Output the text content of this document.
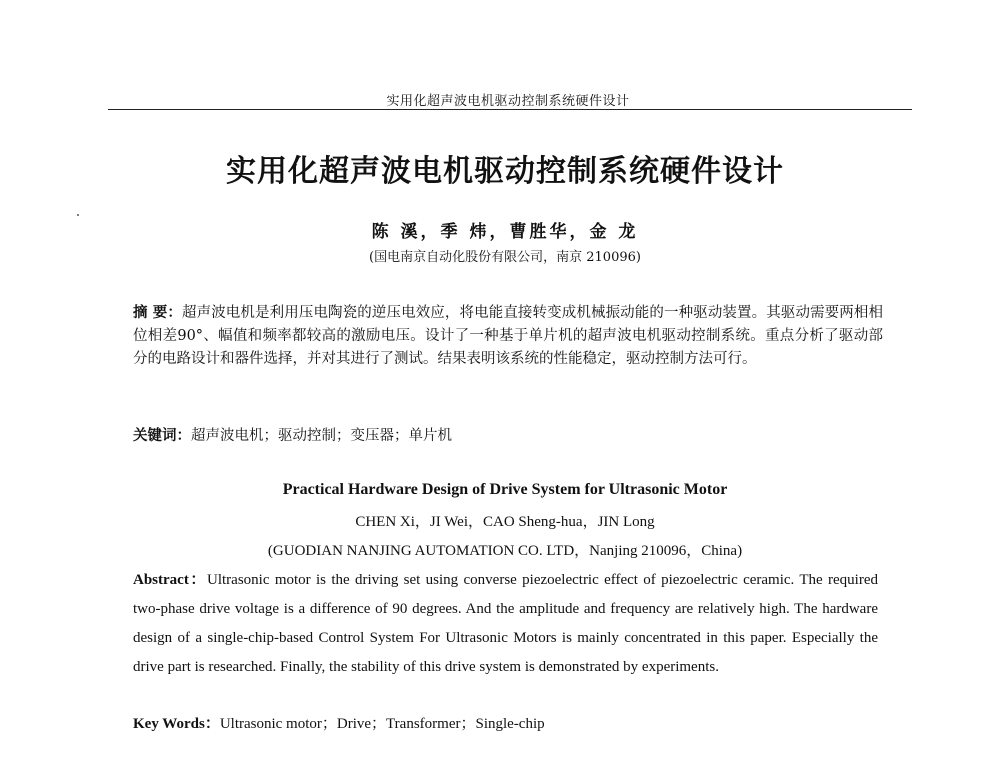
实用化超声波电机驱动控制系统硬件设计
实用化超声波电机驱动控制系统硬件设计
陈 溪，季 炜，曹胜华，金 龙
(国电南京自动化股份有限公司，南京 210096)
摘 要：超声波电机是利用压电陶瓷的逆压电效应，将电能直接转变成机械振动能的一种驱动装置。其驱动需要两相相位相差90°、幅值和频率都较高的激励电压。设计了一种基于单片机的超声波电机驱动控制系统。重点分析了驱动部分的电路设计和器件选择，并对其进行了测试。结果表明该系统的性能稳定，驱动控制方法可行。
关键词：超声波电机；驱动控制；变压器；单片机
Practical Hardware Design of Drive System for Ultrasonic Motor
CHEN Xi，JI Wei，CAO Sheng-hua，JIN Long
(GUODIAN NANJING AUTOMATION CO. LTD，Nanjing 210096，China)
Abstract：Ultrasonic motor is the driving set using converse piezoelectric effect of piezoelectric ceramic. The required two-phase drive voltage is a difference of 90 degrees. And the amplitude and frequency are relatively high. The hardware design of a single-chip-based Control System For Ultrasonic Motors is mainly concentrated in this paper. Especially the drive part is researched. Finally, the stability of this drive system is demonstrated by experiments.
Key Words：Ultrasonic motor；Drive；Transformer；Single-chip
